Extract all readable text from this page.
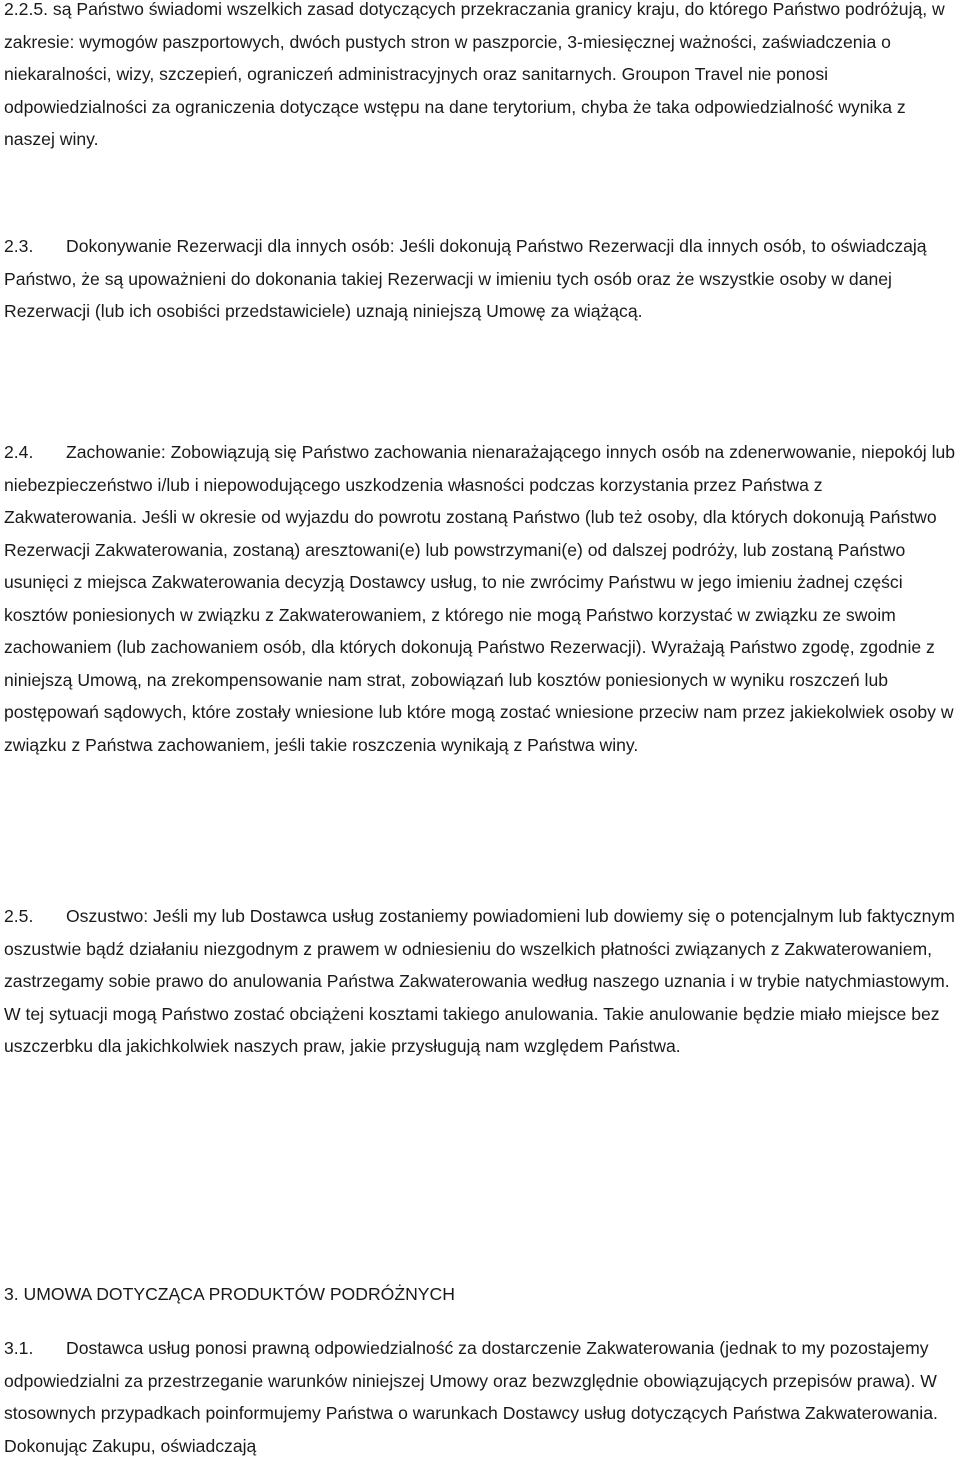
2.2.5. są Państwo świadomi wszelkich zasad dotyczących przekraczania granicy kraju, do którego Państwo podróżują, w zakresie: wymogów paszportowych, dwóch pustych stron w paszporcie, 3-miesięcznej ważności, zaświadczenia o niekaralności, wizy, szczepień, ograniczeń administracyjnych oraz sanitarnych. Groupon Travel nie ponosi odpowiedzialności za ograniczenia dotyczące wstępu na dane terytorium, chyba że taka odpowiedzialność wynika z naszej winy.

2.3. Dokonywanie Rezerwacji dla innych osób: Jeśli dokonują Państwo Rezerwacji dla innych osób, to oświadczają Państwo, że są upoważnieni do dokonania takiej Rezerwacji w imieniu tych osób oraz że wszystkie osoby w danej Rezerwacji (lub ich osobiści przedstawiciele) uznają niniejszą Umowę za wiążącą.

2.4. Zachowanie: Zobowiązują się Państwo zachowania nienarażającego innych osób na zdenerwowanie, niepokój lub niebezpieczeństwo i/lub i niepowodującego uszkodzenia własności podczas korzystania przez Państwa z Zakwaterowania. Jeśli w okresie od wyjazdu do powrotu zostaną Państwo (lub też osoby, dla których dokonują Państwo Rezerwacji Zakwaterowania, zostaną) aresztowani(e) lub powstrzymani(e) od dalszej podróży, lub zostaną Państwo usunięci z miejsca Zakwaterowania decyzją Dostawcy usług, to nie zwrócimy Państwu w jego imieniu żadnej części kosztów poniesionych w związku z Zakwaterowaniem, z którego nie mogą Państwo korzystać w związku ze swoim zachowaniem (lub zachowaniem osób, dla których dokonują Państwo Rezerwacji). Wyrażają Państwo zgodę, zgodnie z niniejszą Umową, na zrekompensowanie nam strat, zobowiązań lub kosztów poniesionych w wyniku roszczeń lub postępowań sądowych, które zostały wniesione lub które mogą zostać wniesione przeciw nam przez jakiekolwiek osoby w związku z Państwa zachowaniem, jeśli takie roszczenia wynikają z Państwa winy.

2.5. Oszustwo: Jeśli my lub Dostawca usług zostaniemy powiadomieni lub dowiemy się o potencjalnym lub faktycznym oszustwie bądź działaniu niezgodnym z prawem w odniesieniu do wszelkich płatności związanych z Zakwaterowaniem, zastrzegamy sobie prawo do anulowania Państwa Zakwaterowania według naszego uznania i w trybie natychmiastowym. W tej sytuacji mogą Państwo zostać obciążeni kosztami takiego anulowania. Takie anulowanie będzie miało miejsce bez uszczerbku dla jakichkolwiek naszych praw, jakie przysługują nam względem Państwa.

3. UMOWA DOTYCZĄCA PRODUKTÓW PODRÓŻNYCH

3.1. Dostawca usług ponosi prawną odpowiedzialność za dostarczenie Zakwaterowania (jednak to my pozostajemy odpowiedzialni za przestrzeganie warunków niniejszej Umowy oraz bezwzględnie obowiązujących przepisów prawa). W stosownych przypadkach poinformujemy Państwa o warunkach Dostawcy usług dotyczących Państwa Zakwaterowania. Dokonując Zakupu, oświadczają
